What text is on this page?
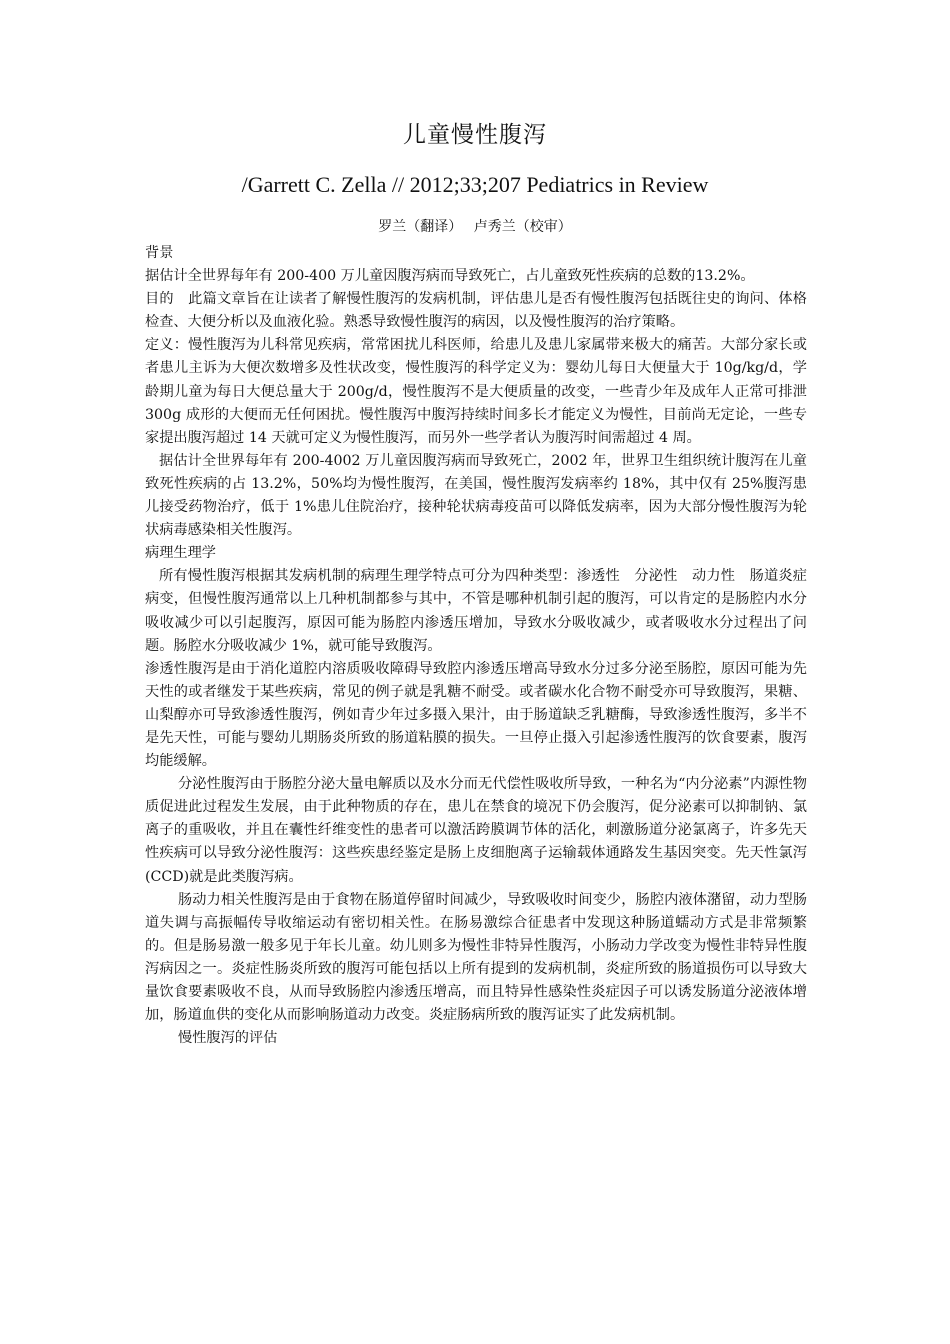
儿童慢性腹泻
/Garrett C. Zella // 2012;33;207 Pediatrics in Review
罗兰（翻译）　 卢秀兰（校审）

背景

据估计全世界每年有 200-400 万儿童因腹泻病而导致死亡，占儿童致死性疾病的总数的13.2%。

目的　此篇文章旨在让读者了解慢性腹泻的发病机制，评估患儿是否有慢性腹泻包括既往史的询问、体格检查、大便分析以及血液化验。熟悉导致慢性腹泻的病因，以及慢性腹泻的治疗策略。

定义：慢性腹泻为儿科常见疾病，常常困扰儿科医师，给患儿及患儿家属带来极大的痛苦。大部分家长或者患儿主诉为大便次数增多及性状改变，慢性腹泻的科学定义为：婴幼儿每日大便量大于 10g/kg/d，学龄期儿童为每日大便总量大于 200g/d，慢性腹泻不是大便质量的改变，一些青少年及成年人正常可排泄 300g 成形的大便而无任何困扰。慢性腹泻中腹泻持续时间多长才能定义为慢性，目前尚无定论，一些专家提出腹泻超过 14 天就可定义为慢性腹泻，而另外一些学者认为腹泻时间需超过 4 周。

据估计全世界每年有 200-4002 万儿童因腹泻病而导致死亡，2002 年，世界卫生组织统计腹泻在儿童致死性疾病的占 13.2%，50%均为慢性腹泻，在美国，慢性腹泻发病率约 18%，其中仅有 25%腹泻患儿接受药物治疗，低于 1%患儿住院治疗，接种轮状病毒疫苗可以降低发病率，因为大部分慢性腹泻为轮状病毒感染相关性腹泻。

病理生理学

所有慢性腹泻根据其发病机制的病理生理学特点可分为四种类型：渗透性　分泌性　动力性　肠道炎症病变，但慢性腹泻通常以上几种机制都参与其中，不管是哪种机制引起的腹泻，可以肯定的是肠腔内水分吸收减少可以引起腹泻，原因可能为肠腔内渗透压增加，导致水分吸收减少，或者吸收水分过程出了问题。肠腔水分吸收减少 1%，就可能导致腹泻。

渗透性腹泻是由于消化道腔内溶质吸收障碍导致腔内渗透压增高导致水分过多分泌至肠腔，原因可能为先天性的或者继发于某些疾病，常见的例子就是乳糖不耐受。或者碳水化合物不耐受亦可导致腹泻，果糖、山梨醇亦可导致渗透性腹泻，例如青少年过多摄入果汁，由于肠道缺乏乳糖酶，导致渗透性腹泻，多半不是先天性，可能与婴幼儿期肠炎所致的肠道粘膜的损失。一旦停止摄入引起渗透性腹泻的饮食要素，腹泻均能缓解。

分泌性腹泻由于肠腔分泌大量电解质以及水分而无代偿性吸收所导致，一种名为“内分泌素”内源性物质促进此过程发生发展，由于此种物质的存在，患儿在禁食的境况下仍会腹泻，促分泌素可以抑制钠、氯离子的重吸收，并且在囊性纤维变性的患者可以激活跨膜调节体的活化，刺激肠道分泌氯离子，许多先天性疾病可以导致分泌性腹泻：这些疾患经鉴定是肠上皮细胞离子运输载体通路发生基因突变。先天性氯泻 (CCD)就是此类腹泻病。

肠动力相关性腹泻是由于食物在肠道停留时间减少，导致吸收时间变少，肠腔内液体潴留，动力型肠道失调与高振幅传导收缩运动有密切相关性。在肠易激综合征患者中发现这种肠道蠕动方式是非常频繁的。但是肠易激一般多见于年长儿童。幼儿则多为慢性非特异性腹泻，小肠动力学改变为慢性非特异性腹泻病因之一。炎症性肠炎所致的腹泻可能包括以上所有提到的发病机制，炎症所致的肠道损伤可以导致大量饮食要素吸收不良，从而导致肠腔内渗透压增高，而且特异性感染性炎症因子可以诱发肠道分泌液体增加，肠道血供的变化从而影响肠道动力改变。炎症肠病所致的腹泻证实了此发病机制。

慢性腹泻的评估
